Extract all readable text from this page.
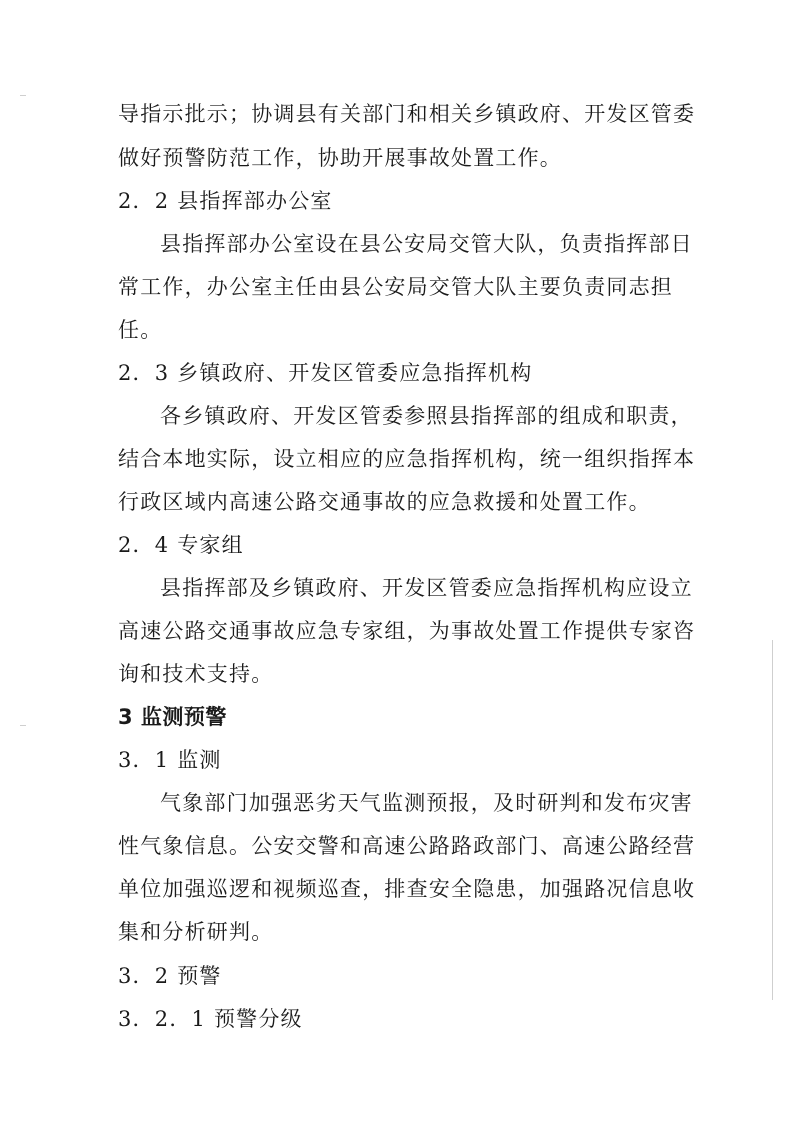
导指示批示；协调县有关部门和相关乡镇政府、开发区管委
做好预警防范工作，协助开展事故处置工作。
2．2 县指挥部办公室
县指挥部办公室设在县公安局交管大队，负责指挥部日
常工作，办公室主任由县公安局交管大队主要负责同志担
任。
2．3 乡镇政府、开发区管委应急指挥机构
各乡镇政府、开发区管委参照县指挥部的组成和职责，
结合本地实际，设立相应的应急指挥机构，统一组织指挥本
行政区域内高速公路交通事故的应急救援和处置工作。
2．4 专家组
县指挥部及乡镇政府、开发区管委应急指挥机构应设立
高速公路交通事故应急专家组，为事故处置工作提供专家咨
询和技术支持。
3 监测预警
3．1 监测
气象部门加强恶劣天气监测预报，及时研判和发布灾害
性气象信息。公安交警和高速公路路政部门、高速公路经营
单位加强巡逻和视频巡查，排查安全隐患，加强路况信息收
集和分析研判。
3．2 预警
3．2．1 预警分级
